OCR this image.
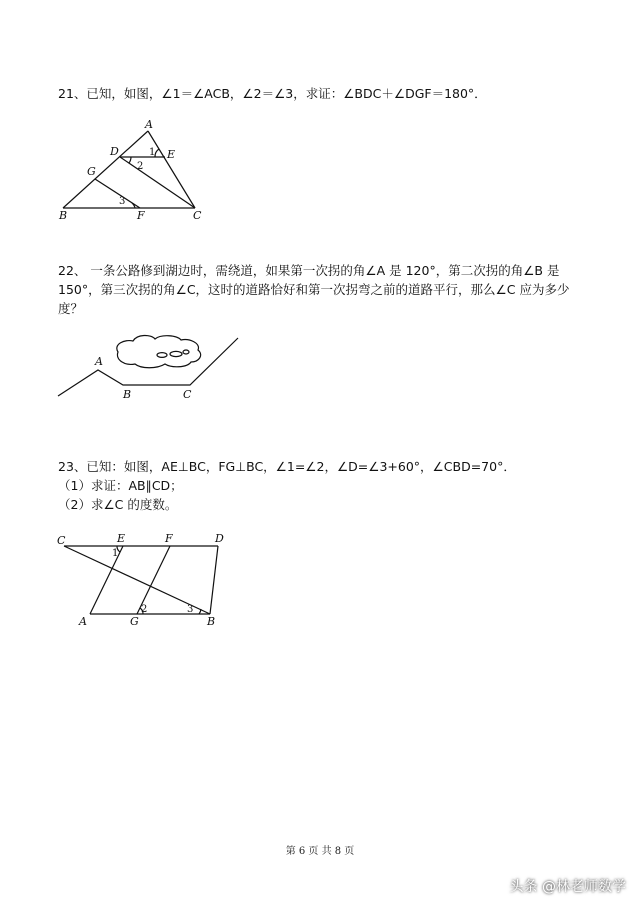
21、已知，如图，∠1＝∠ACB，∠2＝∠3，求证：∠BDC＋∠DGF＝180°．

A
D	E
G
B	F	C
1
2
3

22、 一条公路修到湖边时，需绕道，如果第一次拐的角∠A 是 120°，第二次拐的角∠B 是

150°，第三次拐的角∠C，这时的道路恰好和第一次拐弯之前的道路平行，那么∠C 应为多少

度？

A
B	C

23、已知：如图，AE⊥BC，FG⊥BC，∠1=∠2，∠D=∠3+60°，∠CBD=70°．

（1）求证：AB∥CD；

（2）求∠C 的度数。

C	E	F	D
A	G	B
1
2	3
第 6 页 共 8 页
头条 @林老师数学
